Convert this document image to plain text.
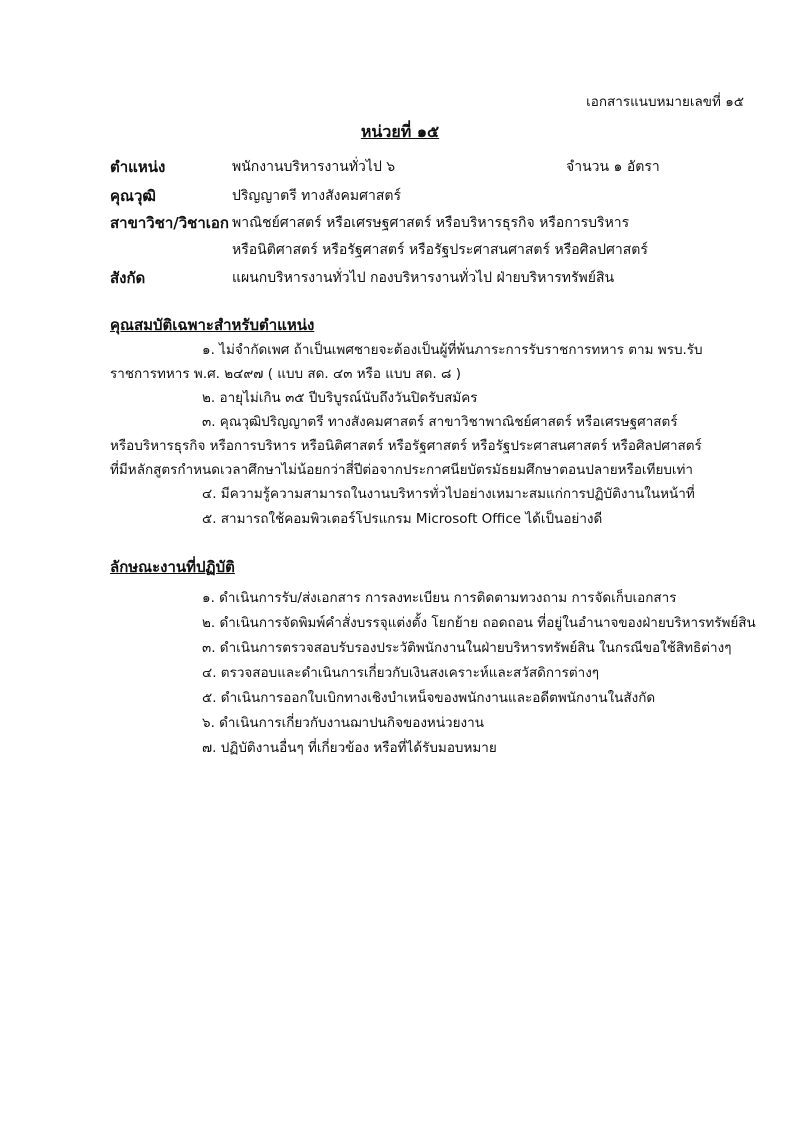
เอกสารแนบหมายเลขที่ ๑๕
หน่วยที่ ๑๕
ตำแหน่ง	พนักงานบริหารงานทั่วไป ๖	จำนวน ๑ อัตรา
คุณวุฒิ	ปริญญาตรี ทางสังคมศาสตร์
สาขาวิชา/วิชาเอก พาณิชย์ศาสตร์ หรือเศรษฐศาสตร์ หรือบริหารธุรกิจ หรือการบริหาร
หรือนิติศาสตร์ หรือรัฐศาสตร์ หรือรัฐประศาสนศาสตร์ หรือศิลปศาสตร์
สังกัด	แผนกบริหารงานทั่วไป กองบริหารงานทั่วไป ฝ่ายบริหารทรัพย์สิน
คุณสมบัติเฉพาะสำหรับตำแหน่ง
๑. ไม่จำกัดเพศ ถ้าเป็นเพศชายจะต้องเป็นผู้ที่พ้นภาระการรับราชการทหาร ตาม พรบ.รับ
ราชการทหาร พ.ศ. ๒๔๙๗ ( แบบ สด. ๔๓ หรือ แบบ สด. ๘ )
๒. อายุไม่เกิน ๓๕ ปีบริบูรณ์นับถึงวันปิดรับสมัคร
๓. คุณวุฒิปริญญาตรี ทางสังคมศาสตร์ สาขาวิชาพาณิชย์ศาสตร์ หรือเศรษฐศาสตร์
หรือบริหารธุรกิจ หรือการบริหาร หรือนิติศาสตร์ หรือรัฐศาสตร์ หรือรัฐประศาสนศาสตร์ หรือศิลปศาสตร์
ที่มีหลักสูตรกำหนดเวลาศึกษาไม่น้อยกว่าสี่ปีต่อจากประกาศนียบัตรมัธยมศึกษาตอนปลายหรือเทียบเท่า
๔. มีความรู้ความสามารถในงานบริหารทั่วไปอย่างเหมาะสมแก่การปฏิบัติงานในหน้าที่
๕. สามารถใช้คอมพิวเตอร์โปรแกรม Microsoft Office ได้เป็นอย่างดี
ลักษณะงานที่ปฏิบัติ
๑. ดำเนินการรับ/ส่งเอกสาร การลงทะเบียน การติดตามทวงถาม การจัดเก็บเอกสาร
๒. ดำเนินการจัดพิมพ์คำสั่งบรรจุแต่งตั้ง โยกย้าย ถอดถอน ที่อยู่ในอำนาจของฝ่ายบริหารทรัพย์สิน
๓. ดำเนินการตรวจสอบรับรองประวัติพนักงานในฝ่ายบริหารทรัพย์สิน ในกรณีขอใช้สิทธิต่างๆ
๔. ตรวจสอบและดำเนินการเกี่ยวกับเงินสงเคราะห์และสวัสดิการต่างๆ
๕. ดำเนินการออกใบเบิกทางเชิงบำเหน็จของพนักงานและอดีตพนักงานในสังกัด
๖. ดำเนินการเกี่ยวกับงานฌาปนกิจของหน่วยงาน
๗. ปฏิบัติงานอื่นๆ ที่เกี่ยวข้อง หรือที่ได้รับมอบหมาย
